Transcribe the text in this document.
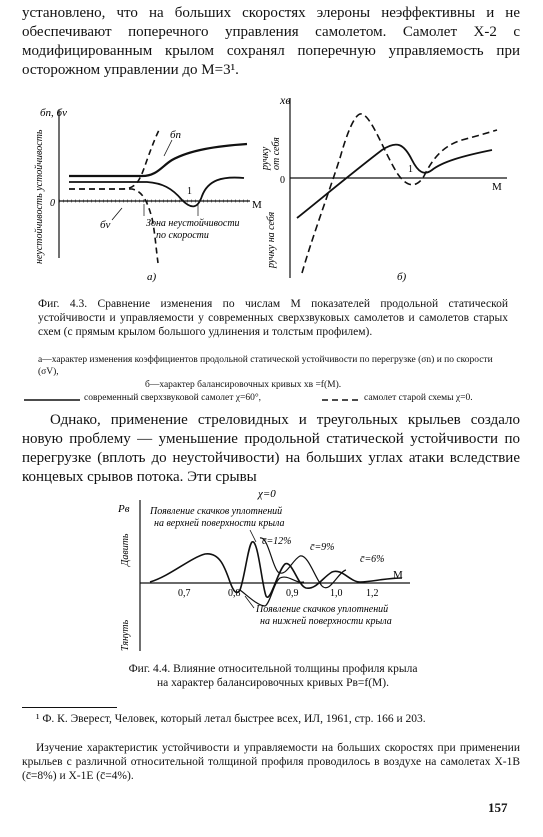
установлено, что на больших скоростях элероны неэффективны и не обеспечивают поперечного управления самолетом. Самолет X-2 с модифицированным крылом сохранял поперечную управляемость при осторожном управлении до M=3¹.

бn, бv
0	M
неустойчивость устойчивость	бn
бv
1
Зона неустойчивости
по скорости
а)
xв
0
M
ручку от себя
ручку на себя
1
б)

Фиг. 4.3. Сравнение изменения по числам M показателей продольной статической устойчивости и управляемости у современных сверхзвуковых самолетов и самолетов старых схем (с прямым крылом большого удлинения и толстым профилем).

а—характер изменения коэффициентов продольной статической устойчивости по перегрузке (σn) и по скорости (σV),

б—характер балансировочных кривых xв =f(M).

современный сверхзвуковой самолет χ=60°,	самолет старой схемы χ=0.

Однако, применение стреловидных и треугольных крыльев создало новую проблему — уменьшение продольной статической устойчивости по перегрузке (вплоть до неустойчивости) на больших углах атаки вследствие концевых срывов потока. Эти срывы

χ=0
Pв
Давить
Тянуть
M
0,7	0,8	0,9	1,0 1,2
Появление скачков уплотнений
на верхней поверхности крыла
c̄=12%
c̄=9%
c̄=6%
Появление скачков уплотнений
на нижней поверхности крыла

Фиг. 4.4. Влияние относительной толщины профиля крыла на характер балансировочных кривых Pв=f(M).

¹ Ф. К. Эверест, Человек, который летал быстрее всех, ИЛ, 1961, стр. 166 и 203.

Изучение характеристик устойчивости и управляемости на больших скоростях при применении крыльев с различной относительной толщиной профиля проводилось в воздухе на самолетах X-1B (c̄=8%) и X-1E (c̄=4%).

157
